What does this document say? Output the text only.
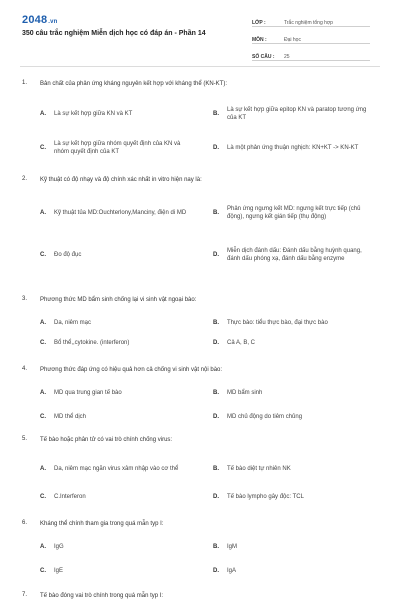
2048.vn
350 câu trắc nghiệm Miễn dịch học có đáp án - Phần 14
LỚP :	Trắc nghiệm tổng hợp
MÔN :	Đại học
SỐ CÂU :	25
1. Bản chất của phản ứng kháng nguyên kết hợp với kháng thể (KN-KT):
A.	Là sự kết hợp giữa KN và KT	B.
Là sự kết hợp giữa epitop KN và paratop tương ứng của KT
C.
Là sự kết hợp giữa nhóm quyết định của KN và nhóm quyết định của KT
D.	Là một phản ứng thuận nghịch: KN+KT -> KN-KT
2. Kỹ thuật có độ nhạy và độ chính xác nhất in vitro hiện nay là:
A.	Kỹ thuật tủa MD:Ouchterlony,Manciny, điện di MD	B.
Phản ứng ngưng kết MD: ngưng kết trực tiếp (chủ động), ngưng kết gián tiếp (thụ động)
C.	Đo độ đục	D.
Miễn dịch đánh dấu: Đánh dấu bằng huỳnh quang, đánh dấu phóng xạ, đánh dấu bằng enzyme
3. Phương thức MD bẩm sinh chống lại vi sinh vật ngoại bào:
A.	Da, niêm mạc	B.	Thực bào: tiểu thực bào, đại thực bào
C.	Bổ thể,,cytokine. (interferon)	D.	Cả A, B, C
4. Phương thức đáp ứng có hiệu quả hơn cả chống vi sinh vật nội bào:
A.	MD qua trung gian tế bào	B.	MD bẩm sinh
C.	MD thể dịch	D.	MD chủ động do tiêm chủng
5. Tế bào hoặc phân tử có vai trò chính chống virus:
A.	Da, niêm mạc ngăn virus xâm nhập vào cơ thể	B.	Tế bào diệt tự nhiên NK
C.	C.Interferon	D.	Tế bào lympho gây độc: TCL
6. Kháng thể chính tham gia trong quá mẫn typ I:
A.	IgG	B.	IgM
C.	IgE	D.	IgA
7. Tế bào đóng vai trò chính trong quá mẫn typ I:
